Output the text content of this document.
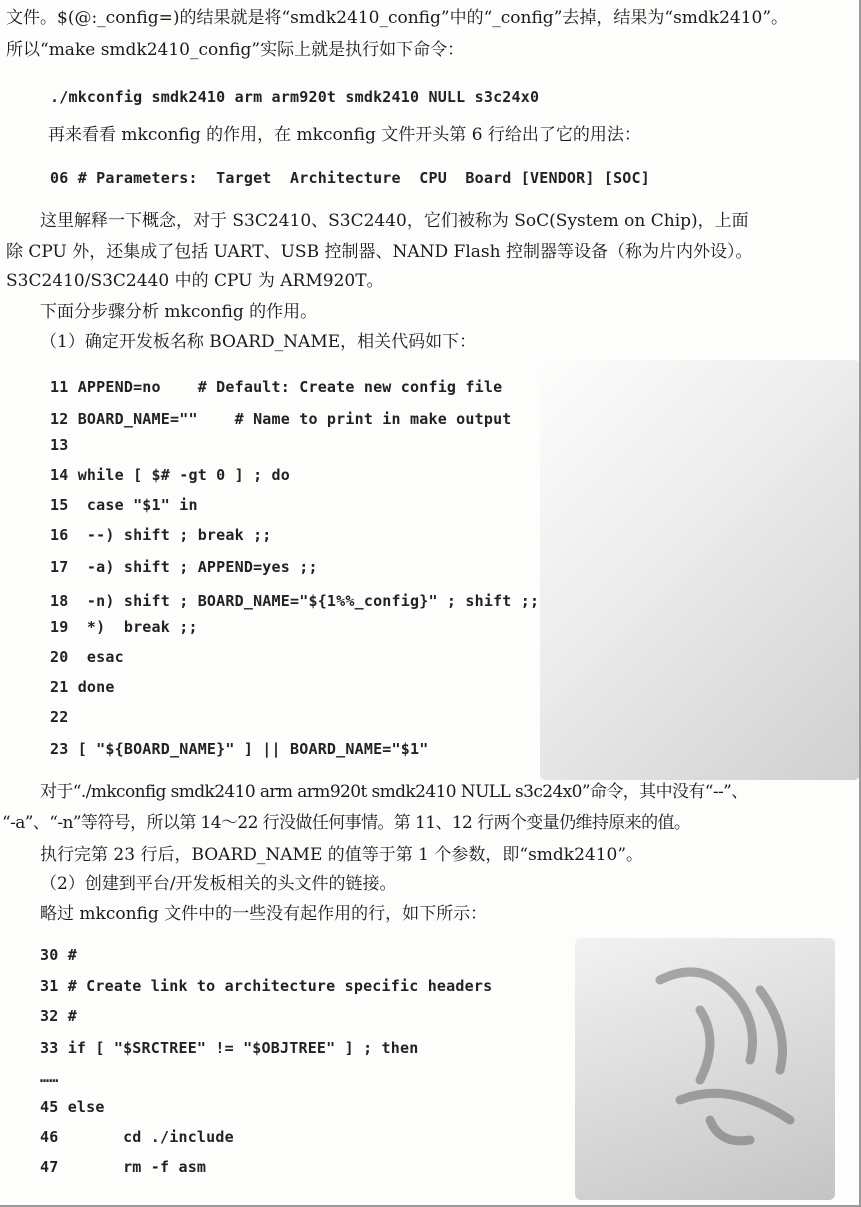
文件。$(@:_config=)的结果就是将“smdk2410_config”中的“_config”去掉，结果为“smdk2410”。
所以“make smdk2410_config”实际上就是执行如下命令：
./mkconfig smdk2410 arm arm920t smdk2410 NULL s3c24x0
再来看看 mkconfig 的作用，在 mkconfig 文件开头第 6 行给出了它的用法：
06 # Parameters:  Target  Architecture  CPU  Board [VENDOR] [SOC]
这里解释一下概念，对于 S3C2410、S3C2440，它们被称为 SoC(System on Chip)，上面
除 CPU 外，还集成了包括 UART、USB 控制器、NAND Flash 控制器等设备（称为片内外设）。
S3C2410/S3C2440 中的 CPU 为 ARM920T。
下面分步骤分析 mkconfig 的作用。
（1）确定开发板名称 BOARD_NAME，相关代码如下：
11 APPEND=no    # Default: Create new config file
12 BOARD_NAME=""    # Name to print in make output
13
14 while [ $# -gt 0 ] ; do
15  case "$1" in
16  --) shift ; break ;;
17  -a) shift ; APPEND=yes ;;
18  -n) shift ; BOARD_NAME="${1%%_config}" ; shift ;;
19  *)  break ;;
20  esac
21 done
22
23 [ "${BOARD_NAME}" ] || BOARD_NAME="$1"
对于“./mkconfig smdk2410 arm arm920t smdk2410 NULL s3c24x0”命令，其中没有“--”、
“-a”、“-n”等符号，所以第 14～22 行没做任何事情。第 11、12 行两个变量仍维持原来的值。
执行完第 23 行后，BOARD_NAME 的值等于第 1 个参数，即“smdk2410”。
（2）创建到平台/开发板相关的头文件的链接。
略过 mkconfig 文件中的一些没有起作用的行，如下所示：
30 #
31 # Create link to architecture specific headers
32 #
33 if [ "$SRCTREE" != "$OBJTREE" ] ; then
……
45 else
46       cd ./include
47       rm -f asm
